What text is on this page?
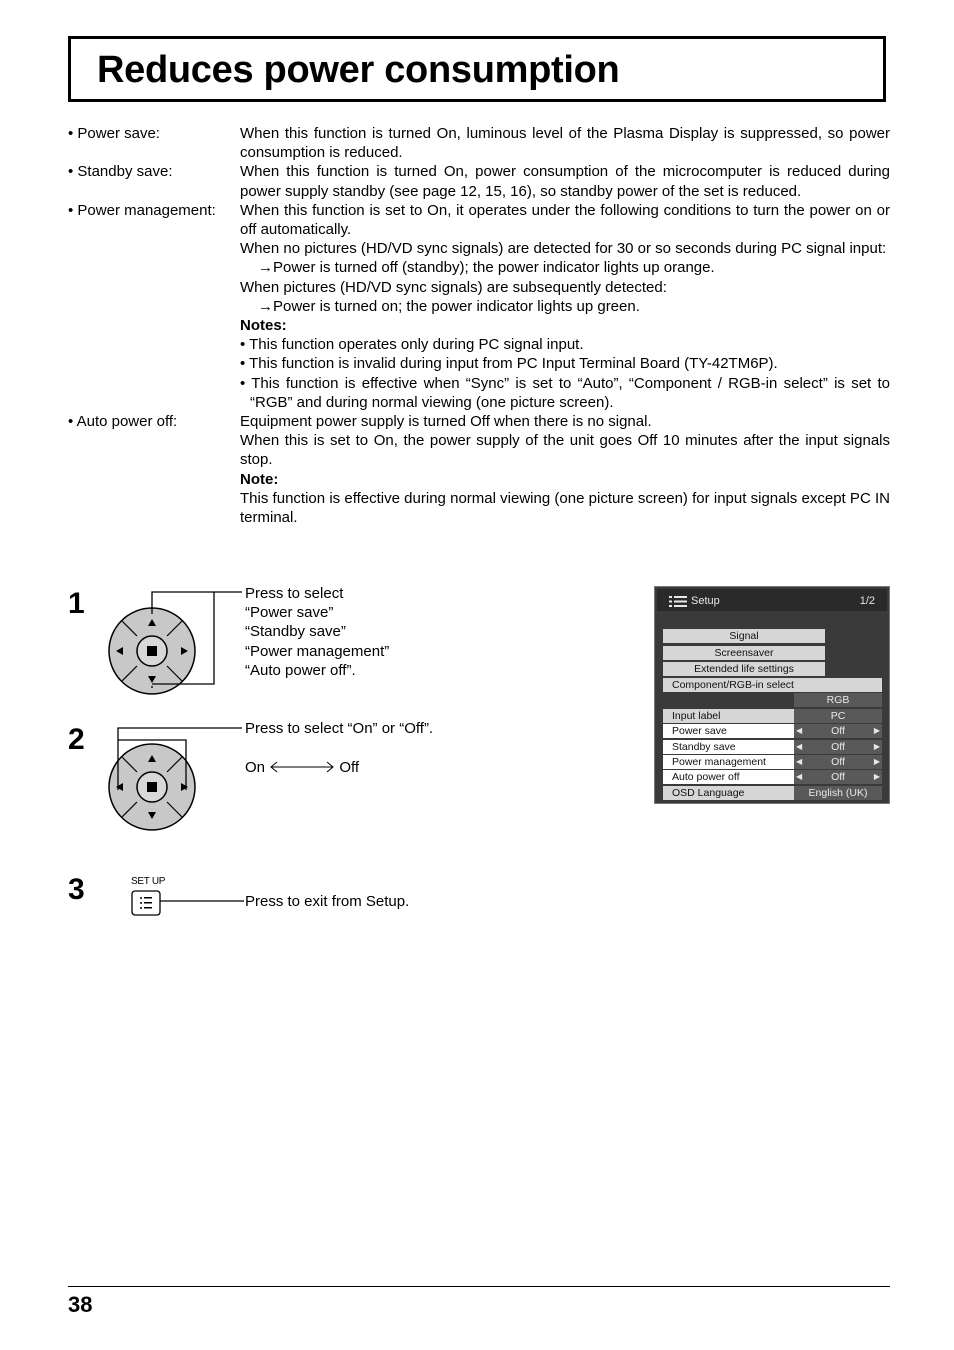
Reduces power consumption
• Power save:	When this function is turned On, luminous level of the Plasma Display is suppressed, so power consumption is reduced.

• Standby save:	When this function is turned On, power consumption of the microcomputer is reduced during power supply standby (see page 12, 15, 16), so standby power of the set is reduced.

• Power management:	When this function is set to On, it operates under the following conditions to turn the power on or off automatically.

When no pictures (HD/VD sync signals) are detected for 30 or so seconds during PC signal input:

→Power is turned off (standby); the power indicator lights up orange.

When pictures (HD/VD sync signals) are subsequently detected:

→Power is turned on; the power indicator lights up green.

Notes:

• This function operates only during PC signal input.

• This function is invalid during input from PC Input Terminal Board (TY-42TM6P).

• This function is effective when “Sync” is set to “Auto”, “Component / RGB-in select” is set to “RGB” and during normal viewing (one picture screen).

• Auto power off:	Equipment power supply is turned Off when there is no signal.

When this is set to On, the power supply of the unit goes Off 10 minutes after the input signals stop.

Note:

This function is effective during normal viewing (one picture screen) for input signals except PC IN terminal.

1	Press to select

“Power save”

“Standby save”

“Power management”

“Auto power off”.

2	Press to select “On” or “Off”.

On	Off
3	SET UP

Press to exit from Setup.

Setup	1/2
Signal
Screensaver
Extended life settings
Component/RGB-in select
RGB
Input label	PC
Power save	◀	Off	▶
Standby save	◀	Off	▶
Power management	◀	Off	▶
Auto power off	◀	Off	▶
OSD Language	English (UK)
38
